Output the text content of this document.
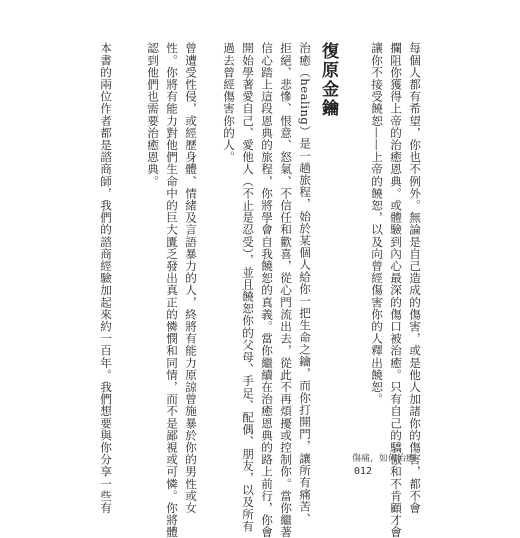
每個人都有希望，你也不例外。無論是自己造成的傷害，或是他人加諸你的傷害，都不會
攔阻你獲得上帝的治癒恩典。或體驗到內心最深的傷口被治癒。只有自己的驕傲和不肯顧才會
讓你不接受饒恕——上帝的饒恕，以及向曾經傷害你的人釋出饒恕。
治癒（healing）是一趟旅程，始於某個人給你一把生命之鑰，而你打開門，讓所有痛苦、
拒絕、悲慘、恨意、怒氣、不信任和歡喜，從心門流出去，從此不再煩擾或控制你。當你繼著
信心踏上這段恩典的旅程，你將學會自我饒恕的真義。當你繼續在治癒恩典的路上前行，你會
開始學著愛自己、愛他人（不止是忍受），並且饒恕你的父母、手足、配偶、朋友，以及所有
過去曾經傷害你的人。
曾遭受性侵，或經歷身體、情緒及言語暴力的人，終將有能力原諒曾施暴於你的男性或女
性。你將有能力對他們生命中的巨大匱乏發出真正的憐憫和同情，而不是鄙視或可憐。你將體
認到他們也需要治癒恩典。
本書的兩位作者都是諮商師，我們的諮商經驗加起來約一百年。我們想要與你分享一些有	復原金鑰
傷痛，如何治癒
012
